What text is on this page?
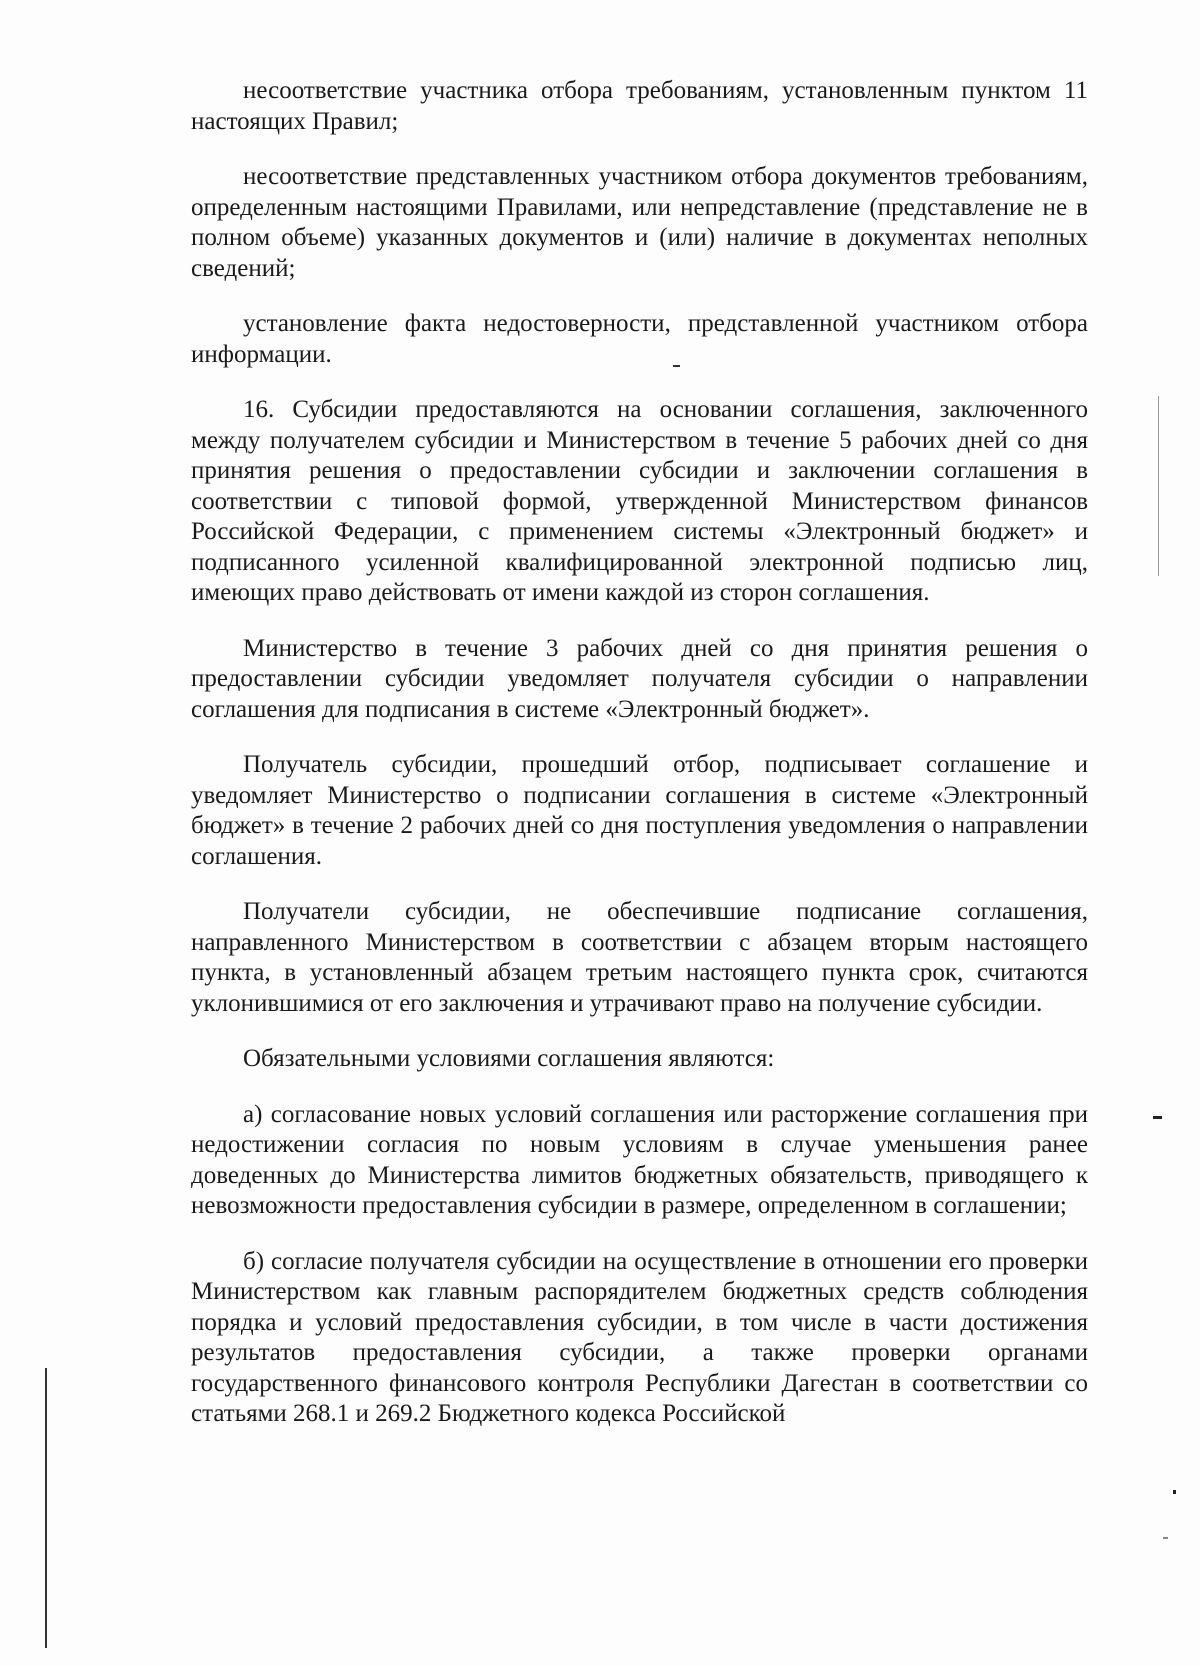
несоответствие участника отбора требованиям, установленным пунктом 11 настоящих Правил;

несоответствие представленных участником отбора документов требованиям, определенным настоящими Правилами, или непредставление (представление не в полном объеме) указанных документов и (или) наличие в документах неполных сведений;

установление факта недостоверности, представленной участником отбора информации.

16. Субсидии предоставляются на основании соглашения, заключенного между получателем субсидии и Министерством в течение 5 рабочих дней со дня принятия решения о предоставлении субсидии и заключении соглашения в соответствии с типовой формой, утвержденной Министерством финансов Российской Федерации, с применением системы «Электронный бюджет» и подписанного усиленной квалифицированной электронной подписью лиц, имеющих право действовать от имени каждой из сторон соглашения.

Министерство в течение 3 рабочих дней со дня принятия решения о предоставлении субсидии уведомляет получателя субсидии о направлении соглашения для подписания в системе «Электронный бюджет».

Получатель субсидии, прошедший отбор, подписывает соглашение и уведомляет Министерство о подписании соглашения в системе «Электронный бюджет» в течение 2 рабочих дней со дня поступления уведомления о направлении соглашения.

Получатели субсидии, не обеспечившие подписание соглашения, направленного Министерством в соответствии с абзацем вторым настоящего пункта, в установленный абзацем третьим настоящего пункта срок, считаются уклонившимися от его заключения и утрачивают право на получение субсидии.

Обязательными условиями соглашения являются:

а) согласование новых условий соглашения или расторжение соглашения при недостижении согласия по новым условиям в случае уменьшения ранее доведенных до Министерства лимитов бюджетных обязательств, приводящего к невозможности предоставления субсидии в размере, определенном в соглашении;

б) согласие получателя субсидии на осуществление в отношении его проверки Министерством как главным распорядителем бюджетных средств соблюдения порядка и условий предоставления субсидии, в том числе в части достижения результатов предоставления субсидии, а также проверки органами государственного финансового контроля Республики Дагестан в соответствии со статьями 268.1 и 269.2 Бюджетного кодекса Российской
